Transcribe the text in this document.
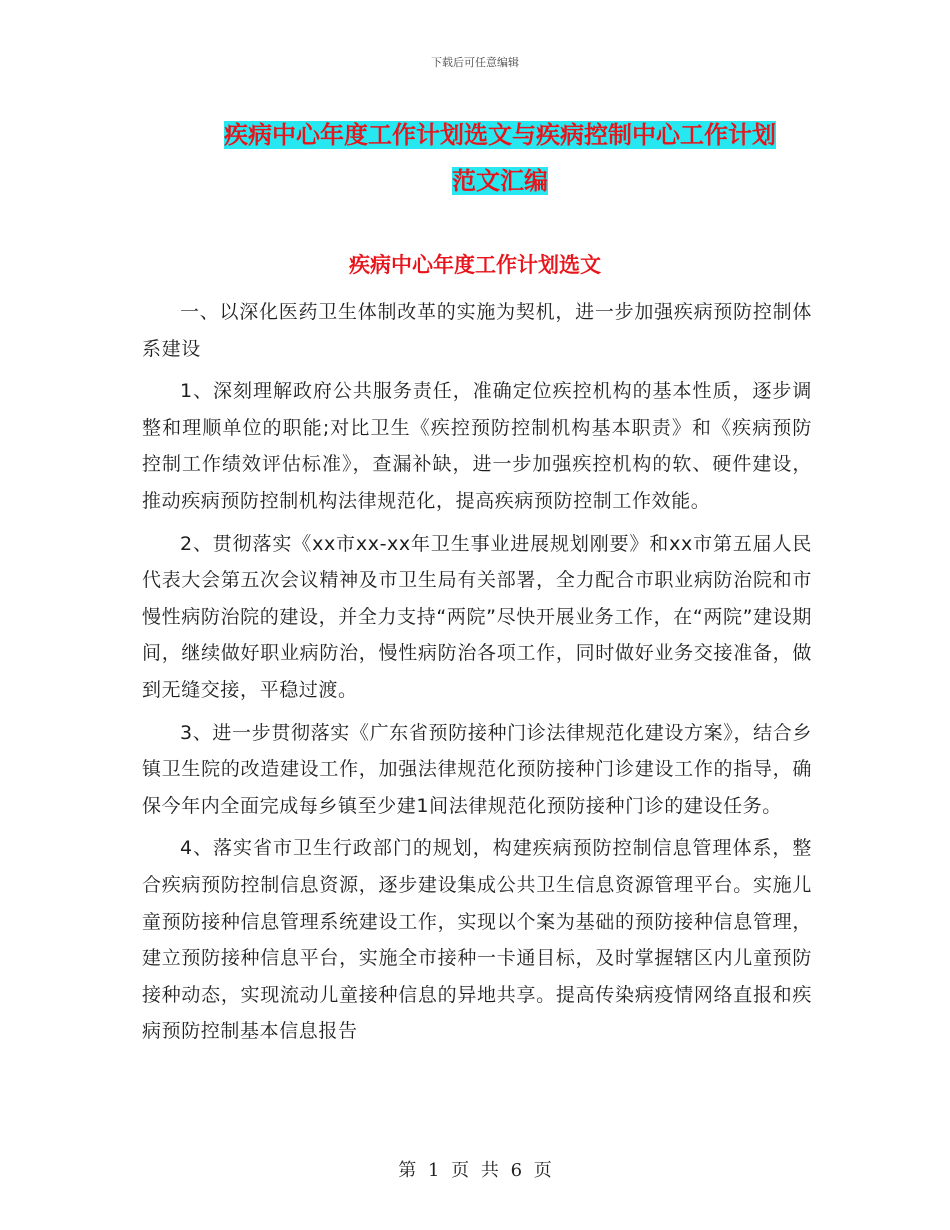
下载后可任意编辑
疾病中心年度工作计划选文与疾病控制中心工作计划
范文汇编
疾病中心年度工作计划选文

一、以深化医药卫生体制改革的实施为契机，进一步加强疾病预防控制体系建设

1、深刻理解政府公共服务责任，准确定位疾控机构的基本性质，逐步调整和理顺单位的职能;对比卫生《疾控预防控制机构基本职责》和《疾病预防控制工作绩效评估标准》，查漏补缺，进一步加强疾控机构的软、硬件建设，推动疾病预防控制机构法律规范化，提高疾病预防控制工作效能。

2、贯彻落实《xx市xx-xx年卫生事业进展规划刚要》和xx市第五届人民代表大会第五次会议精神及市卫生局有关部署，全力配合市职业病防治院和市慢性病防治院的建设，并全力支持“两院”尽快开展业务工作，在“两院”建设期间，继续做好职业病防治，慢性病防治各项工作，同时做好业务交接准备，做到无缝交接，平稳过渡。

3、进一步贯彻落实《广东省预防接种门诊法律规范化建设方案》，结合乡镇卫生院的改造建设工作，加强法律规范化预防接种门诊建设工作的指导，确保今年内全面完成每乡镇至少建1间法律规范化预防接种门诊的建设任务。

4、落实省市卫生行政部门的规划，构建疾病预防控制信息管理体系，整合疾病预防控制信息资源，逐步建设集成公共卫生信息资源管理平台。实施儿童预防接种信息管理系统建设工作，实现以个案为基础的预防接种信息管理，建立预防接种信息平台，实施全市接种一卡通目标，及时掌握辖区内儿童预防接种动态，实现流动儿童接种信息的异地共享。提高传染病疫情网络直报和疾病预防控制基本信息报告

第 1 页 共 6 页
